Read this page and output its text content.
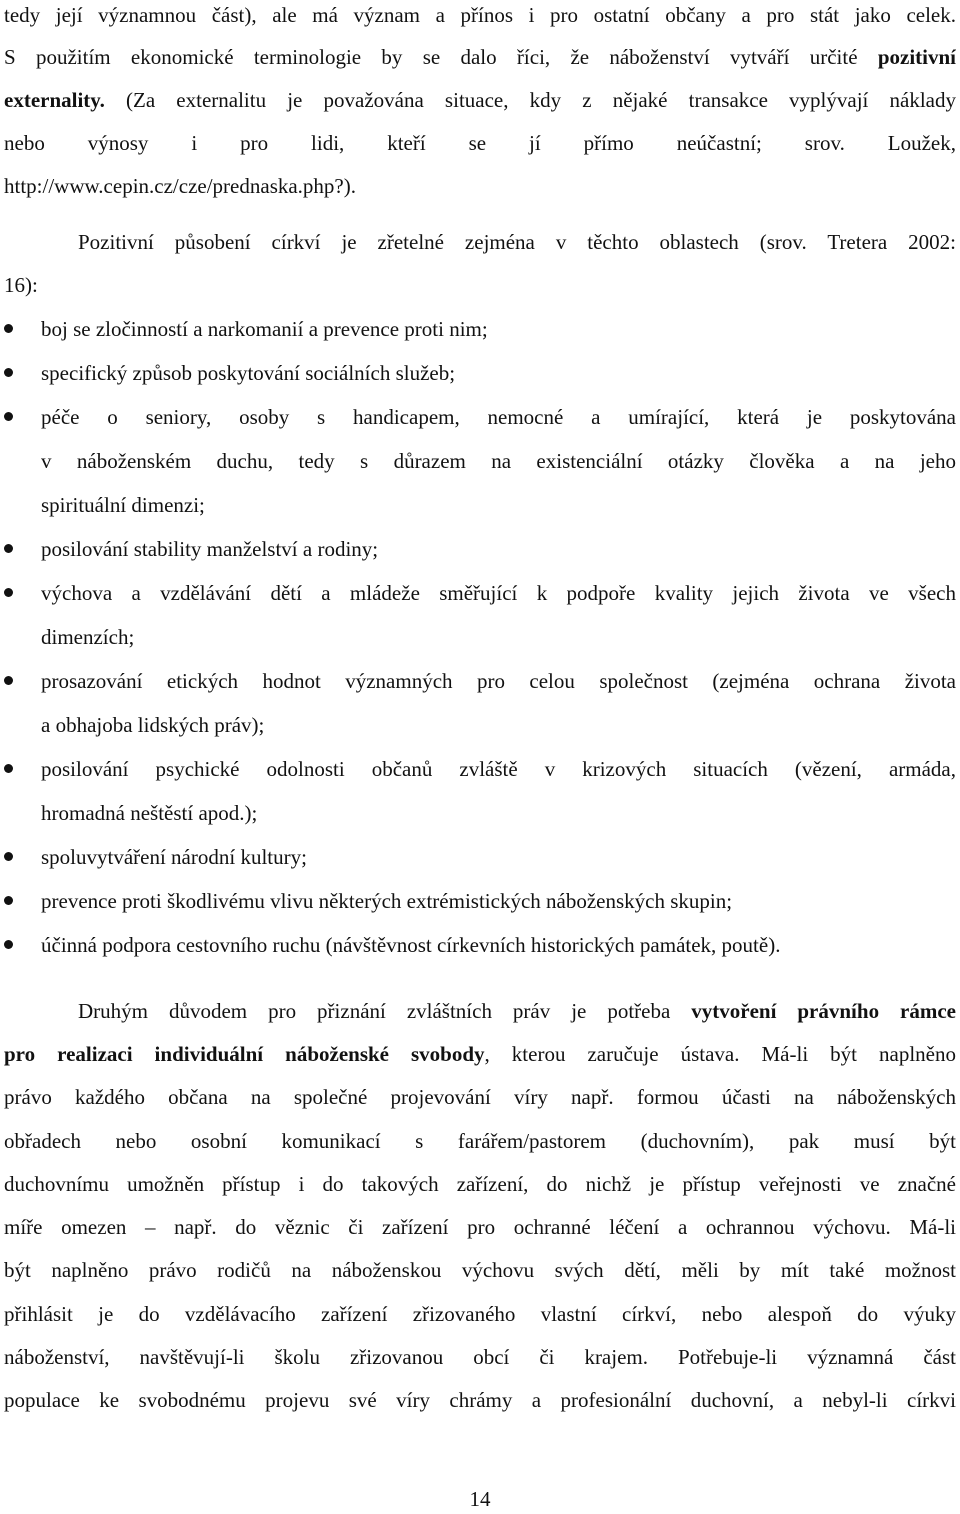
tedy její významnou část), ale má význam a přínos i pro ostatní občany a pro stát jako celek.
S použitím ekonomické terminologie by se dalo říci, že náboženství vytváří určité pozitivní
externality. (Za externalitu je považována situace, kdy z nějaké transakce vyplývají náklady
nebo výnosy i pro lidi, kteří se jí přímo neúčastní; srov. Loužek,
http://www.cepin.cz/cze/prednaska.php?).
Pozitivní působení církví je zřetelné zejména v těchto oblastech (srov. Tretera 2002:
16):
boj se zločinností a narkomanií a prevence proti nim;
specifický způsob poskytování sociálních služeb;
péče o seniory, osoby s handicapem, nemocné a umírající, která je poskytována
v náboženském duchu, tedy s důrazem na existenciální otázky člověka a na jeho
spirituální dimenzi;
posilování stability manželství a rodiny;
výchova a vzdělávání dětí a mládeže směřující k podpoře kvality jejich života ve všech
dimenzích;
prosazování etických hodnot významných pro celou společnost (zejména ochrana života
a obhajoba lidských práv);
posilování psychické odolnosti občanů zvláště v krizových situacích (vězení, armáda,
hromadná neštěstí apod.);
spoluvytváření národní kultury;
prevence proti škodlivému vlivu některých extrémistických náboženských skupin;
účinná podpora cestovního ruchu (návštěvnost církevních historických památek, poutě).
Druhým důvodem pro přiznání zvláštních práv je potřeba vytvoření právního rámce
pro realizaci individuální náboženské svobody, kterou zaručuje ústava. Má-li být naplněno
právo každého občana na společné projevování víry např. formou účasti na náboženských
obřadech nebo osobní komunikací s farářem/pastorem (duchovním), pak musí být
duchovnímu umožněn přístup i do takových zařízení, do nichž je přístup veřejnosti ve značné
míře omezen – např. do věznic či zařízení pro ochranné léčení a ochrannou výchovu. Má-li
být naplněno právo rodičů na náboženskou výchovu svých dětí, měli by mít také možnost
přihlásit je do vzdělávacího zařízení zřizovaného vlastní církví, nebo alespoň do výuky
náboženství, navštěvují-li školu zřizovanou obcí či krajem. Potřebuje-li významná část
populace ke svobodnému projevu své víry chrámy a profesionální duchovní, a nebyl-li církvi
14
